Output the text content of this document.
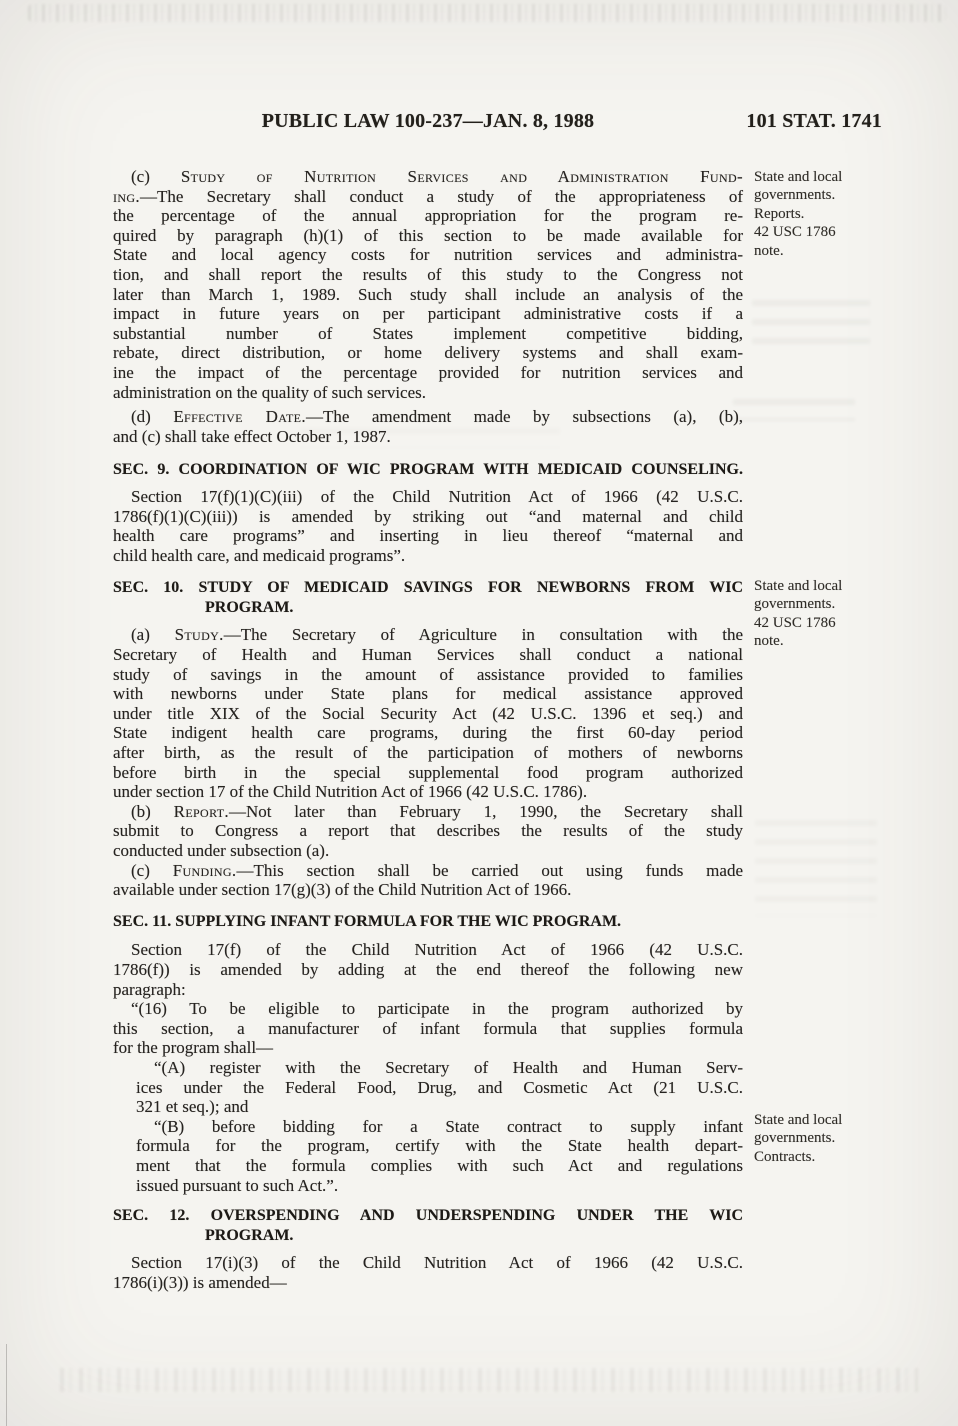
PUBLIC LAW 100-237—JAN. 8, 1988	101 STAT. 1741
(c) Study of Nutrition Services and Administration Fund-
ing.—The Secretary shall conduct a study of the appropriateness of
the percentage of the annual appropriation for the program re-
quired by paragraph (h)(1) of this section to be made available for
State and local agency costs for nutrition services and administra-
tion, and shall report the results of this study to the Congress not
later than March 1, 1989. Such study shall include an analysis of the
impact in future years on per participant administrative costs if a
substantial number of States implement competitive bidding,
rebate, direct distribution, or home delivery systems and shall exam-
ine the impact of the percentage provided for nutrition services and
administration on the quality of such services.
(d) Effective Date.—The amendment made by subsections (a), (b),
and (c) shall take effect October 1, 1987.
SEC. 9. COORDINATION OF WIC PROGRAM WITH MEDICAID COUNSELING.
Section 17(f)(1)(C)(iii) of the Child Nutrition Act of 1966 (42 U.S.C.
1786(f)(1)(C)(iii)) is amended by striking out “and maternal and child
health care programs” and inserting in lieu thereof “maternal and
child health care, and medicaid programs”.
SEC. 10. STUDY OF MEDICAID SAVINGS FOR NEWBORNS FROM WIC
PROGRAM.
(a) Study.—The Secretary of Agriculture in consultation with the
Secretary of Health and Human Services shall conduct a national
study of savings in the amount of assistance provided to families
with newborns under State plans for medical assistance approved
under title XIX of the Social Security Act (42 U.S.C. 1396 et seq.) and
State indigent health care programs, during the first 60-day period
after birth, as the result of the participation of mothers of newborns
before birth in the special supplemental food program authorized
under section 17 of the Child Nutrition Act of 1966 (42 U.S.C. 1786).
(b) Report.—Not later than February 1, 1990, the Secretary shall
submit to Congress a report that describes the results of the study
conducted under subsection (a).
(c) Funding.—This section shall be carried out using funds made
available under section 17(g)(3) of the Child Nutrition Act of 1966.
SEC. 11. SUPPLYING INFANT FORMULA FOR THE WIC PROGRAM.
Section 17(f) of the Child Nutrition Act of 1966 (42 U.S.C.
1786(f)) is amended by adding at the end thereof the following new
paragraph:
“(16) To be eligible to participate in the program authorized by
this section, a manufacturer of infant formula that supplies formula
for the program shall—
“(A) register with the Secretary of Health and Human Serv-
ices under the Federal Food, Drug, and Cosmetic Act (21 U.S.C.
321 et seq.); and
“(B) before bidding for a State contract to supply infant
formula for the program, certify with the State health depart-
ment that the formula complies with such Act and regulations
issued pursuant to such Act.”.
SEC. 12. OVERSPENDING AND UNDERSPENDING UNDER THE WIC
PROGRAM.
Section 17(i)(3) of the Child Nutrition Act of 1966 (42 U.S.C.
1786(i)(3)) is amended—
State and local
governments.
Reports.
42 USC 1786
note.
State and local
governments.
42 USC 1786
note.
State and local
governments.
Contracts.
